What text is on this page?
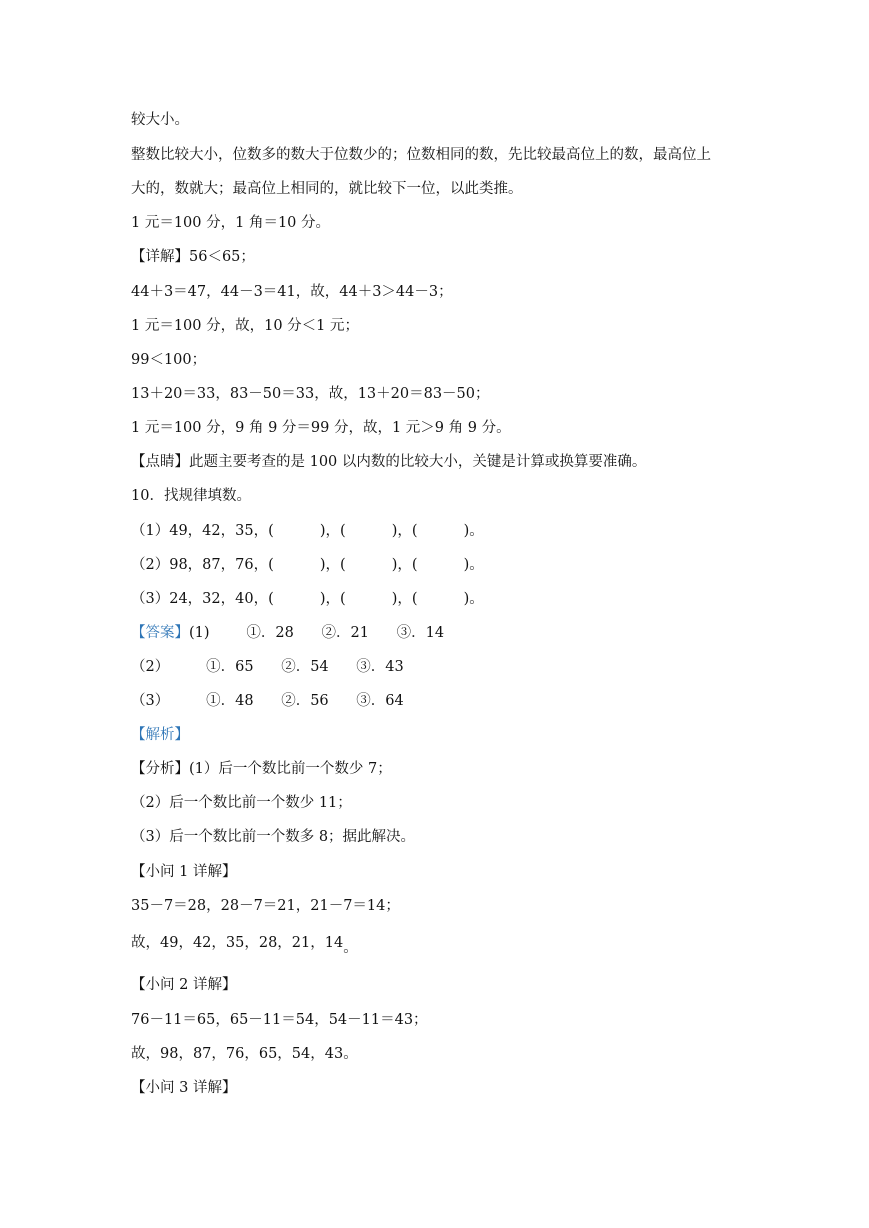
较大小。
整数比较大小，位数多的数大于位数少的；位数相同的数，先比较最高位上的数，最高位上
大的，数就大；最高位上相同的，就比较下一位，以此类推。
1 元＝100 分，1 角＝10 分。
【详解】56＜65；
44＋3＝47，44－3＝41，故，44＋3＞44－3；
1 元＝100 分，故，10 分＜1 元；
99＜100；
13＋20＝33，83－50＝33，故，13＋20＝83－50；
1 元＝100 分，9 角 9 分＝99 分，故，1 元＞9 角 9 分。
【点睛】此题主要考查的是 100 以内数的比较大小，关键是计算或换算要准确。
10．找规律填数。
（1）49，42，35，(          )，(          )，(          )。
（2）98，87，76，(          )，(          )，(          )。
（3）24，32，40，(          )，(          )，(          )。
【答案】(1)        ①．28      ②．21      ③．14
（2）        ①．65      ②．54      ③．43
（3）        ①．48      ②．56      ③．64
【解析】
【分析】(1）后一个数比前一个数少 7；
（2）后一个数比前一个数少 11；
（3）后一个数比前一个数多 8；据此解决。
【小问 1 详解】
35－7＝28，28－7＝21，21－7＝14；
故，49，42，35，28，21，14。
【小问 2 详解】
76－11＝65，65－11＝54，54－11＝43；
故，98，87，76，65，54，43。
【小问 3 详解】
